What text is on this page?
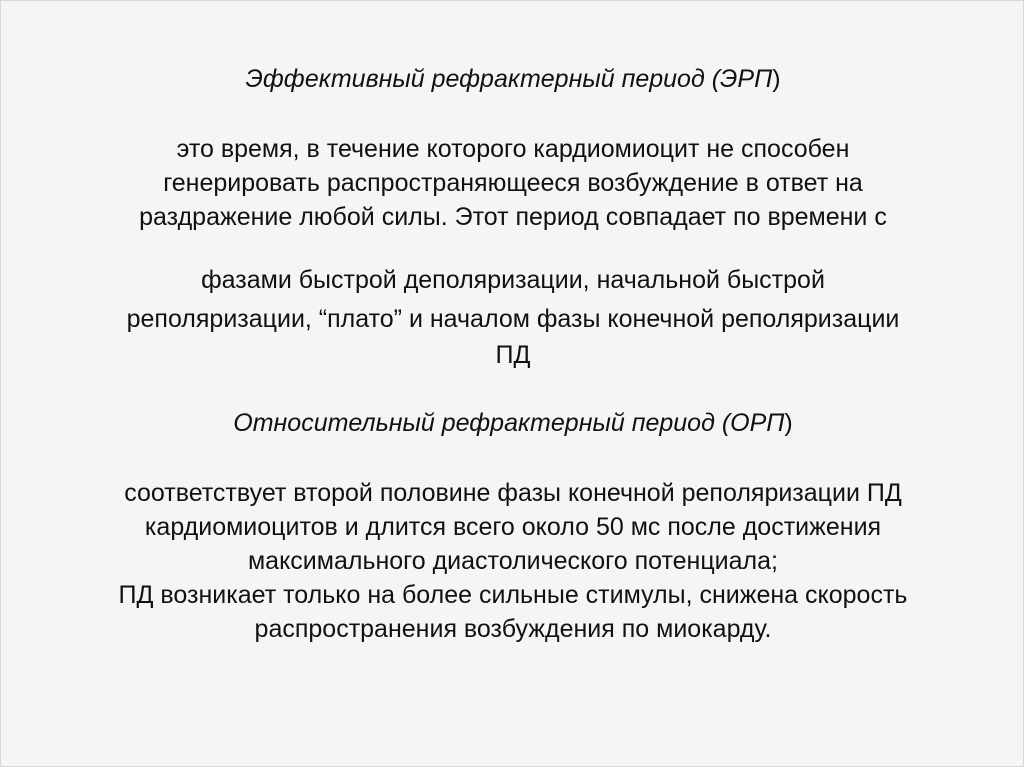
Эффективный рефрактерный период (ЭРП)

это время, в течение которого кардиомиоцит не способен

генерировать распространяющееся возбуждение в ответ на

раздражение любой силы. Этот период совпадает по времени с

фазами быстрой деполяризации, начальной быстрой

реполяризации, “плато” и началом фазы конечной реполяризации

ПД

Относительный рефрактерный период (ОРП)

соответствует второй половине фазы конечной реполяризации ПД

кардиомиоцитов и длится всего около 50 мс после достижения

максимального диастолического потенциала;

ПД возникает только на более сильные стимулы, снижена скорость

распространения возбуждения по миокарду.
